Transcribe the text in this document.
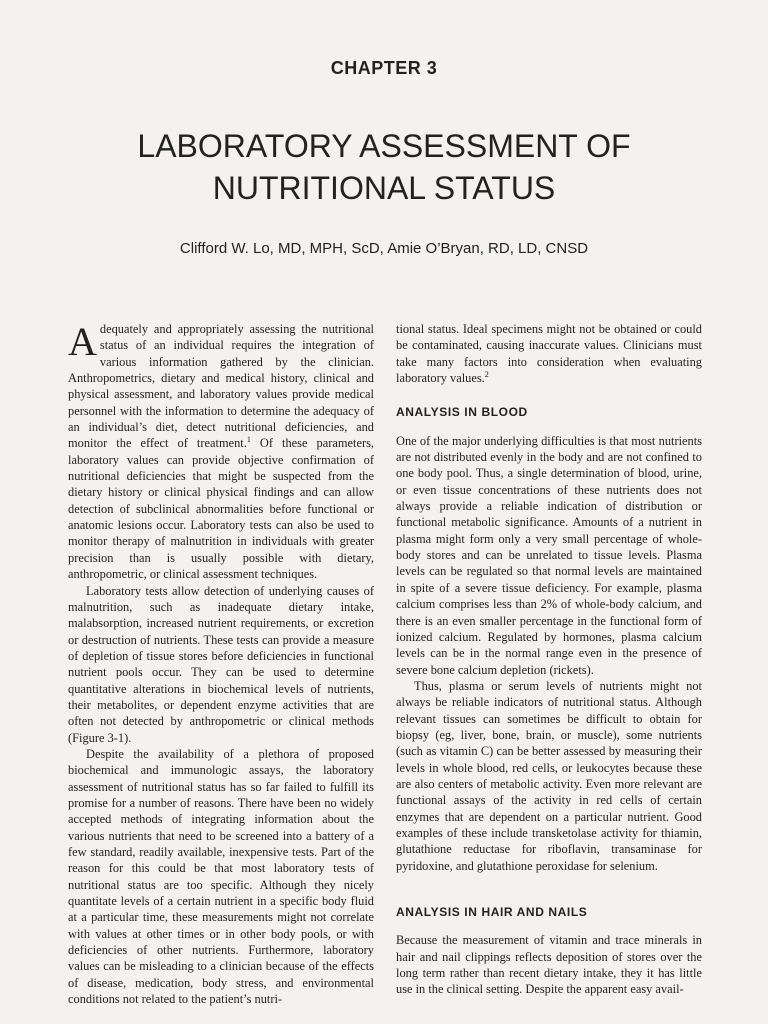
CHAPTER 3
LABORATORY ASSESSMENT OF
NUTRITIONAL STATUS
Clifford W. Lo, MD, MPH, ScD, Amie O’Bryan, RD, LD, CNSD

Adequately and appropriately assessing the nutritional status of an individual requires the integration of various information gathered by the clinician. Anthropometrics, dietary and medical history, clinical and physical assessment, and laboratory values provide medical personnel with the information to determine the adequacy of an individual’s diet, detect nutritional deficiencies, and monitor the effect of treatment.$^1$ Of these parameters, laboratory values can provide objective confirmation of nutritional deficiencies that might be suspected from the dietary history or clinical physical findings and can allow detection of subclinical abnormalities before functional or anatomic lesions occur. Laboratory tests can also be used to monitor therapy of malnutrition in individuals with greater precision than is usually possible with dietary, anthropometric, or clinical assessment techniques.

Laboratory tests allow detection of underlying causes of malnutrition, such as inadequate dietary intake, malabsorption, increased nutrient requirements, or excretion or destruction of nutrients. These tests can provide a measure of depletion of tissue stores before deficiencies in functional nutrient pools occur. They can be used to determine quantitative alterations in biochemical levels of nutrients, their metabolites, or dependent enzyme activities that are often not detected by anthropometric or clinical methods (Figure 3-1).

Despite the availability of a plethora of proposed biochemical and immunologic assays, the laboratory assessment of nutritional status has so far failed to fulfill its promise for a number of reasons. There have been no widely accepted methods of integrating information about the various nutrients that need to be screened into a battery of a few standard, readily available, inexpensive tests. Part of the reason for this could be that most laboratory tests of nutritional status are too specific. Although they nicely quantitate levels of a certain nutrient in a specific body fluid at a particular time, these measurements might not correlate with values at other times or in other body pools, or with deficiencies of other nutrients. Furthermore, laboratory values can be misleading to a clinician because of the effects of disease, medication, body stress, and environmental conditions not related to the patient’s nutri-

tional status. Ideal specimens might not be obtained or could be contaminated, causing inaccurate values. Clinicians must take many factors into consideration when evaluating laboratory values.$^2$

ANALYSIS IN BLOOD

One of the major underlying difficulties is that most nutrients are not distributed evenly in the body and are not confined to one body pool. Thus, a single determination of blood, urine, or even tissue concentrations of these nutrients does not always provide a reliable indication of distribution or functional metabolic significance. Amounts of a nutrient in plasma might form only a very small percentage of whole-body stores and can be unrelated to tissue levels. Plasma levels can be regulated so that normal levels are maintained in spite of a severe tissue deficiency. For example, plasma calcium comprises less than 2% of whole-body calcium, and there is an even smaller percentage in the functional form of ionized calcium. Regulated by hormones, plasma calcium levels can be in the normal range even in the presence of severe bone calcium depletion (rickets).

Thus, plasma or serum levels of nutrients might not always be reliable indicators of nutritional status. Although relevant tissues can sometimes be difficult to obtain for biopsy (eg, liver, bone, brain, or muscle), some nutrients (such as vitamin C) can be better assessed by measuring their levels in whole blood, red cells, or leukocytes because these are also centers of metabolic activity. Even more relevant are functional assays of the activity in red cells of certain enzymes that are dependent on a particular nutrient. Good examples of these include transketolase activity for thiamin, glutathione reductase for riboflavin, transaminase for pyridoxine, and glutathione peroxidase for selenium.

ANALYSIS IN HAIR AND NAILS

Because the measurement of vitamin and trace minerals in hair and nail clippings reflects deposition of stores over the long term rather than recent dietary intake, they it has little use in the clinical setting. Despite the apparent easy avail-
